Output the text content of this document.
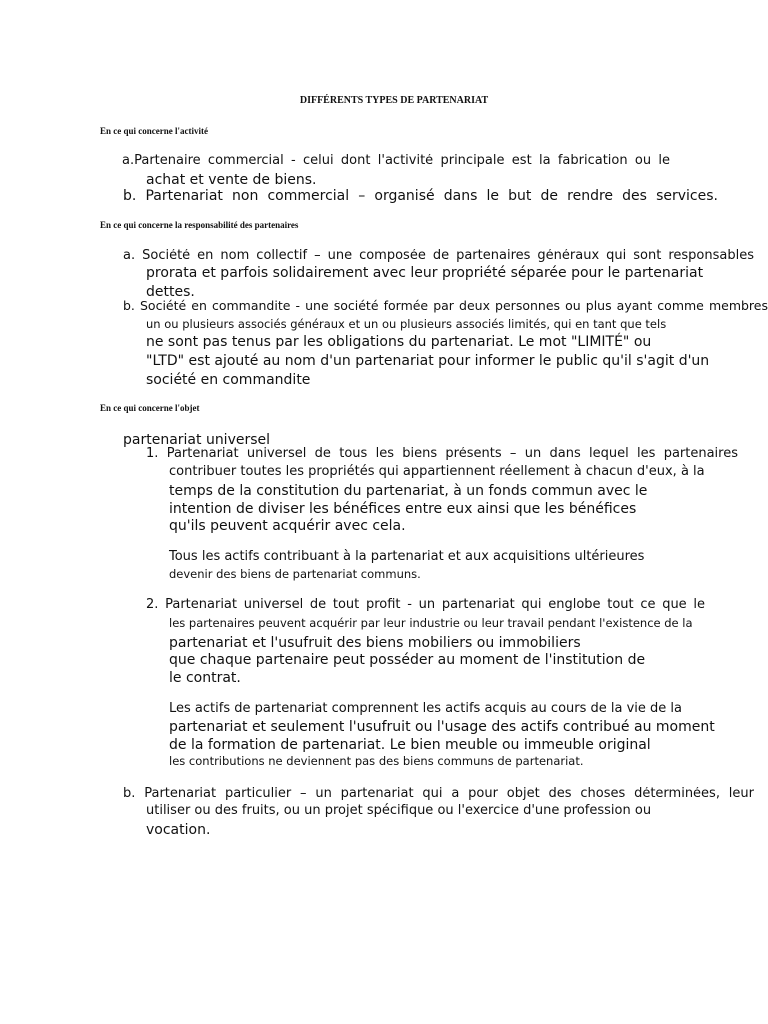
DIFFÉRENTS TYPES DE PARTENARIAT
En ce qui concerne l'activité
a.Partenaire commercial - celui dont l'activité principale est la fabrication ou le
achat et vente de biens.
b. Partenariat non commercial – organisé dans le but de rendre des services.
En ce qui concerne la responsabilité des partenaires
a. Société en nom collectif – une composée de partenaires généraux qui sont responsables
prorata et parfois solidairement avec leur propriété séparée pour le partenariat
dettes.
b. Société en commandite - une société formée par deux personnes ou plus ayant comme membres
un ou plusieurs associés généraux et un ou plusieurs associés limités, qui en tant que tels
ne sont pas tenus par les obligations du partenariat. Le mot "LIMITÉ" ou
"LTD" est ajouté au nom d'un partenariat pour informer le public qu'il s'agit d'un
société en commandite
En ce qui concerne l'objet
partenariat universel
1. Partenariat universel de tous les biens présents – un dans lequel les partenaires
contribuer toutes les propriétés qui appartiennent réellement à chacun d'eux, à la
temps de la constitution du partenariat, à un fonds commun avec le
intention de diviser les bénéfices entre eux ainsi que les bénéfices
qu'ils peuvent acquérir avec cela.
Tous les actifs contribuant à la partenariat et aux acquisitions ultérieures
devenir des biens de partenariat communs.
2. Partenariat universel de tout profit - un partenariat qui englobe tout ce que le
les partenaires peuvent acquérir par leur industrie ou leur travail pendant l'existence de la
partenariat et l'usufruit des biens mobiliers ou immobiliers
que chaque partenaire peut posséder au moment de l'institution de
le contrat.
Les actifs de partenariat comprennent les actifs acquis au cours de la vie de la
partenariat et seulement l'usufruit ou l'usage des actifs contribué au moment
de la formation de partenariat. Le bien meuble ou immeuble original
les contributions ne deviennent pas des biens communs de partenariat.
b. Partenariat particulier – un partenariat qui a pour objet des choses déterminées, leur
utiliser ou des fruits, ou un projet spécifique ou l'exercice d'une profession ou
vocation.
